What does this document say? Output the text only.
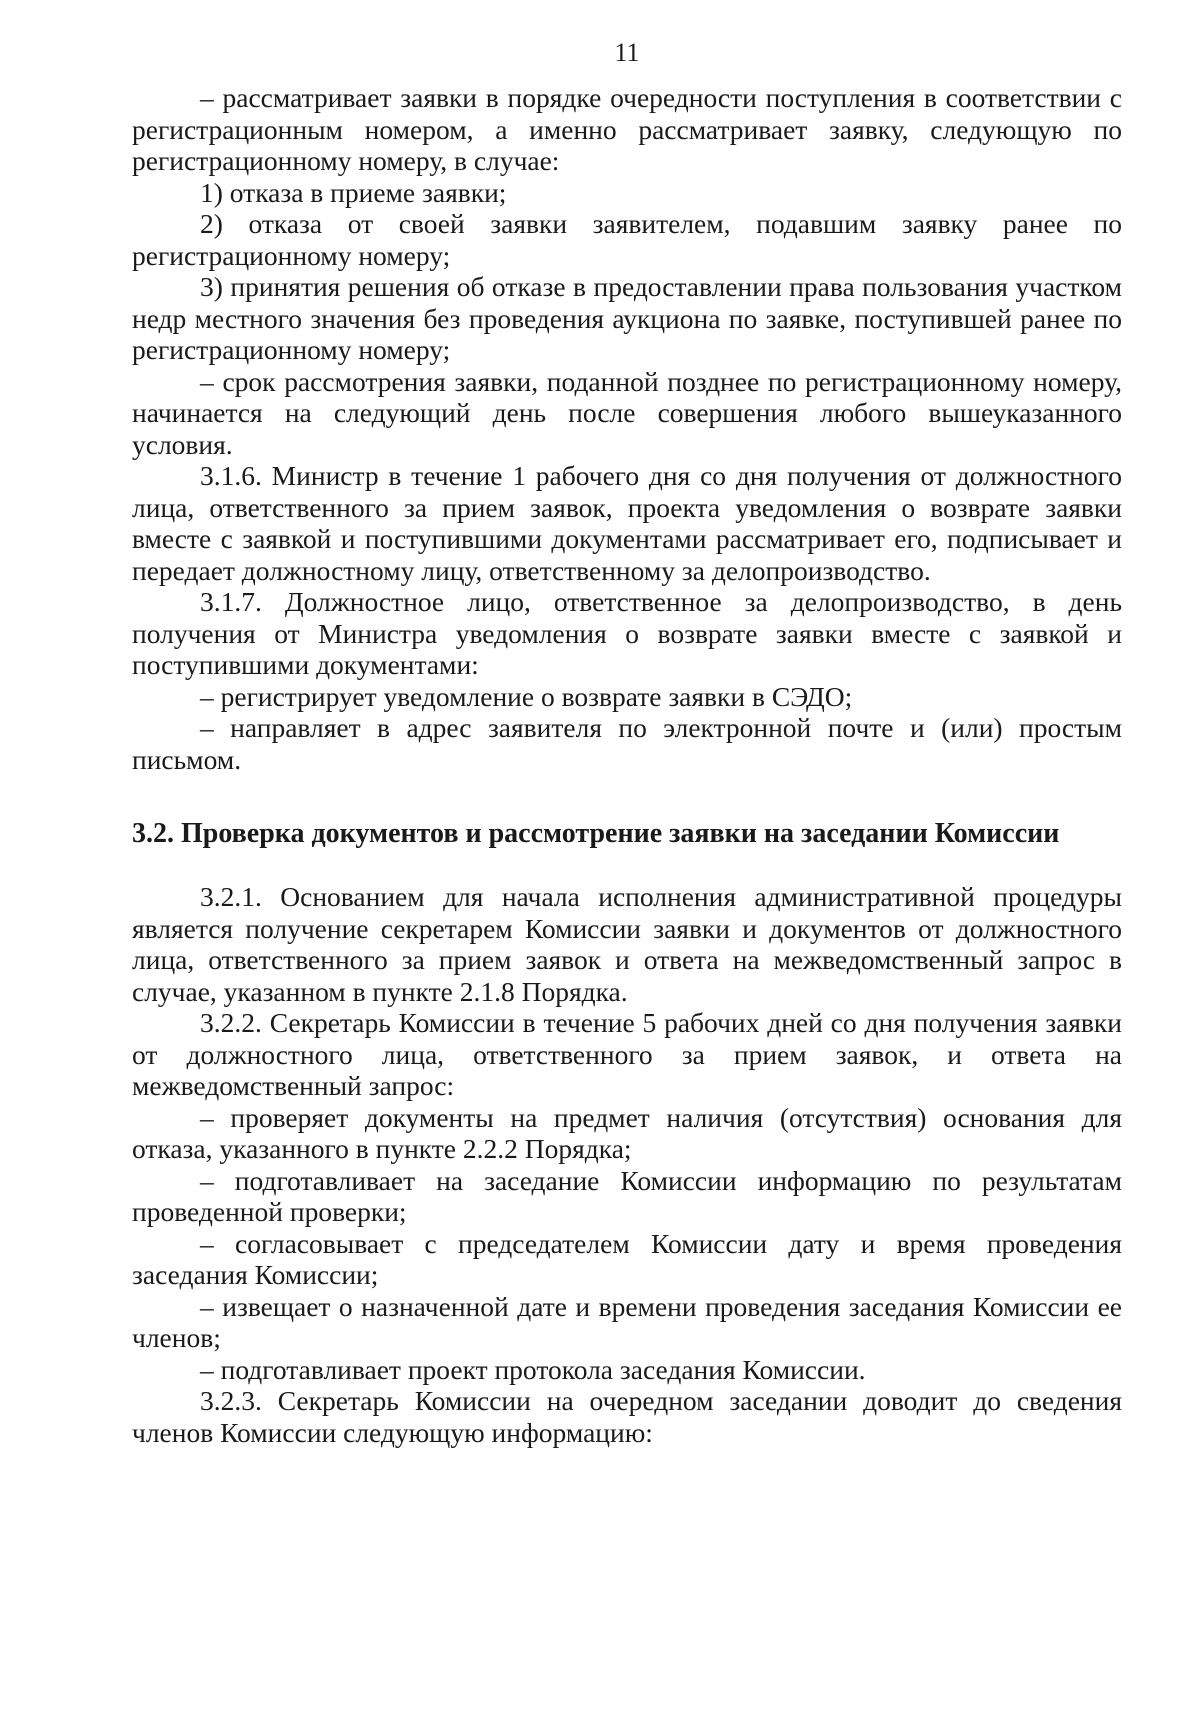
11

– рассматривает заявки в порядке очередности поступления в соответствии с регистрационным номером, а именно рассматривает заявку, следующую по регистрационному номеру, в случае:

1) отказа в приеме заявки;

2) отказа от своей заявки заявителем, подавшим заявку ранее по регистрационному номеру;

3) принятия решения об отказе в предоставлении права пользования участком недр местного значения без проведения аукциона по заявке, поступившей ранее по регистрационному номеру;

– срок рассмотрения заявки, поданной позднее по регистрационному номеру, начинается на следующий день после совершения любого вышеуказанного условия.

3.1.6. Министр в течение 1 рабочего дня со дня получения от должностного лица, ответственного за прием заявок, проекта уведомления о возврате заявки вместе с заявкой и поступившими документами рассматривает его, подписывает и передает должностному лицу, ответственному за делопроизводство.

3.1.7. Должностное лицо, ответственное за делопроизводство, в день получения от Министра уведомления о возврате заявки вместе с заявкой и поступившими документами:

– регистрирует уведомление о возврате заявки в СЭДО;

– направляет в адрес заявителя по электронной почте и (или) простым письмом.

3.2. Проверка документов и рассмотрение заявки на заседании Комиссии

3.2.1. Основанием для начала исполнения административной процедуры является получение секретарем Комиссии заявки и документов от должностного лица, ответственного за прием заявок и ответа на межведомственный запрос в случае, указанном в пункте 2.1.8 Порядка.

3.2.2. Секретарь Комиссии в течение 5 рабочих дней со дня получения заявки от должностного лица, ответственного за прием заявок, и ответа на межведомственный запрос:

– проверяет документы на предмет наличия (отсутствия) основания для отказа, указанного в пункте 2.2.2 Порядка;

– подготавливает на заседание Комиссии информацию по результатам проведенной проверки;

– согласовывает с председателем Комиссии дату и время проведения заседания Комиссии;

– извещает о назначенной дате и времени проведения заседания Комиссии ее членов;

– подготавливает проект протокола заседания Комиссии.

3.2.3. Секретарь Комиссии на очередном заседании доводит до сведения членов Комиссии следующую информацию:
